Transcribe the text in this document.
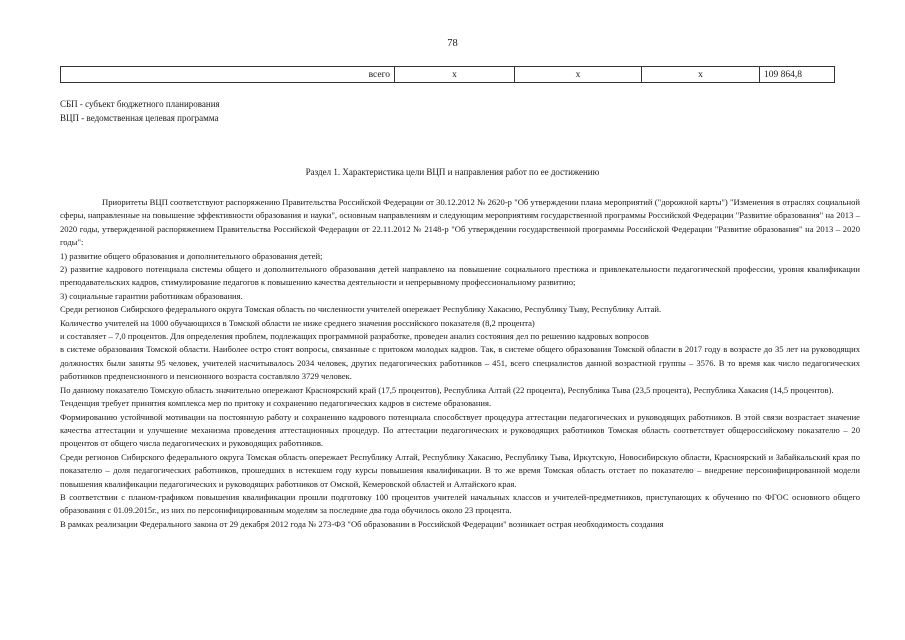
78
всего	x	x	x	109 864,8
СБП - субъект бюджетного планирования
ВЦП - ведомственная целевая программа
Раздел 1. Характеристика цели ВЦП и направления работ по ее достижению

Приоритеты ВЦП соответствуют распоряжению Правительства Российской Федерации от 30.12.2012 № 2620-р "Об утверждении плана мероприятий ("дорожной карты") "Изменения в отраслях социальной сферы, направленные на повышение эффективности образования и науки", основным направлениям и следующим мероприятиям государственной программы Российской Федерации "Развитие образования" на 2013 – 2020 годы, утвержденной распоряжением Правительства Российской Федерации от 22.11.2012 № 2148-р "Об утверждении государственной программы Российской Федерации "Развитие образования" на 2013 – 2020 годы":

1) развитие общего образования и дополнительного образования детей;

2) развитие кадрового потенциала системы общего и дополнительного образования детей направлено на повышение социального престижа и привлекательности педагогической профессии, уровня квалификации преподавательских кадров, стимулирование педагогов к повышению качества деятельности и непрерывному профессиональному развитию;

3) социальные гарантии работникам образования.

Среди регионов Сибирского федерального округа Томская область по численности учителей опережает Республику Хакасию, Республику Тыву, Республику Алтай.

Количество учителей на 1000 обучающихся в Томской области не ниже среднего значения российского показателя (8,2 процента)

и составляет – 7,0 процентов. Для определения проблем, подлежащих программной разработке, проведен анализ состояния дел по решению кадровых вопросов

в системе образования Томской области. Наиболее остро стоят вопросы, связанные с притоком молодых кадров. Так, в системе общего образования Томской области в 2017 году в возрасте до 35 лет на руководящих должностях были заняты 95 человек, учителей насчитывалось 2034 человек, других педагогических работников – 451, всего специалистов данной возрастной группы – 3576. В то время как число педагогических работников предпенсионного и пенсионного возраста составляло 3729 человек.

По данному показателю Томскую область значительно опережают Красноярский край (17,5 процентов), Республика Алтай (22 процента), Республика Тыва (23,5 процента), Республика Хакасия (14,5 процентов).

Тенденция требует принятия комплекса мер по притоку и сохранению педагогических кадров в системе образования.

Формированию устойчивой мотивации на постоянную работу и сохранению кадрового потенциала способствует процедура аттестации педагогических и руководящих работников. В этой связи возрастает значение качества аттестации и улучшение механизма проведения аттестационных процедур. По аттестации педагогических и руководящих работников Томская область соответствует общероссийскому показателю – 20 процентов от общего числа педагогических и руководящих работников.

Среди регионов Сибирского федерального округа Томская область опережает Республику Алтай, Республику Хакасию, Республику Тыва, Иркутскую, Новосибирскую области, Красноярский и Забайкальский края по показателю – доля педагогических работников, прошедших в истекшем году курсы повышения квалификации. В то же время Томская область отстает по показателю – внедрение персонифицированной модели повышения квалификации педагогических и руководящих работников от Омской, Кемеровской областей и Алтайского края.

В соответствии с планом-графиком повышения квалификации прошли подготовку 100 процентов учителей начальных классов и учителей-предметников, приступающих к обучению по ФГОС основного общего образования с 01.09.2015г., из них по персонифицированным моделям за последние два года обучилось около 23 процента.

В рамках реализации Федерального закона от 29 декабря 2012 года № 273-ФЗ "Об образовании в Российской Федерации" возникает острая необходимость создания
